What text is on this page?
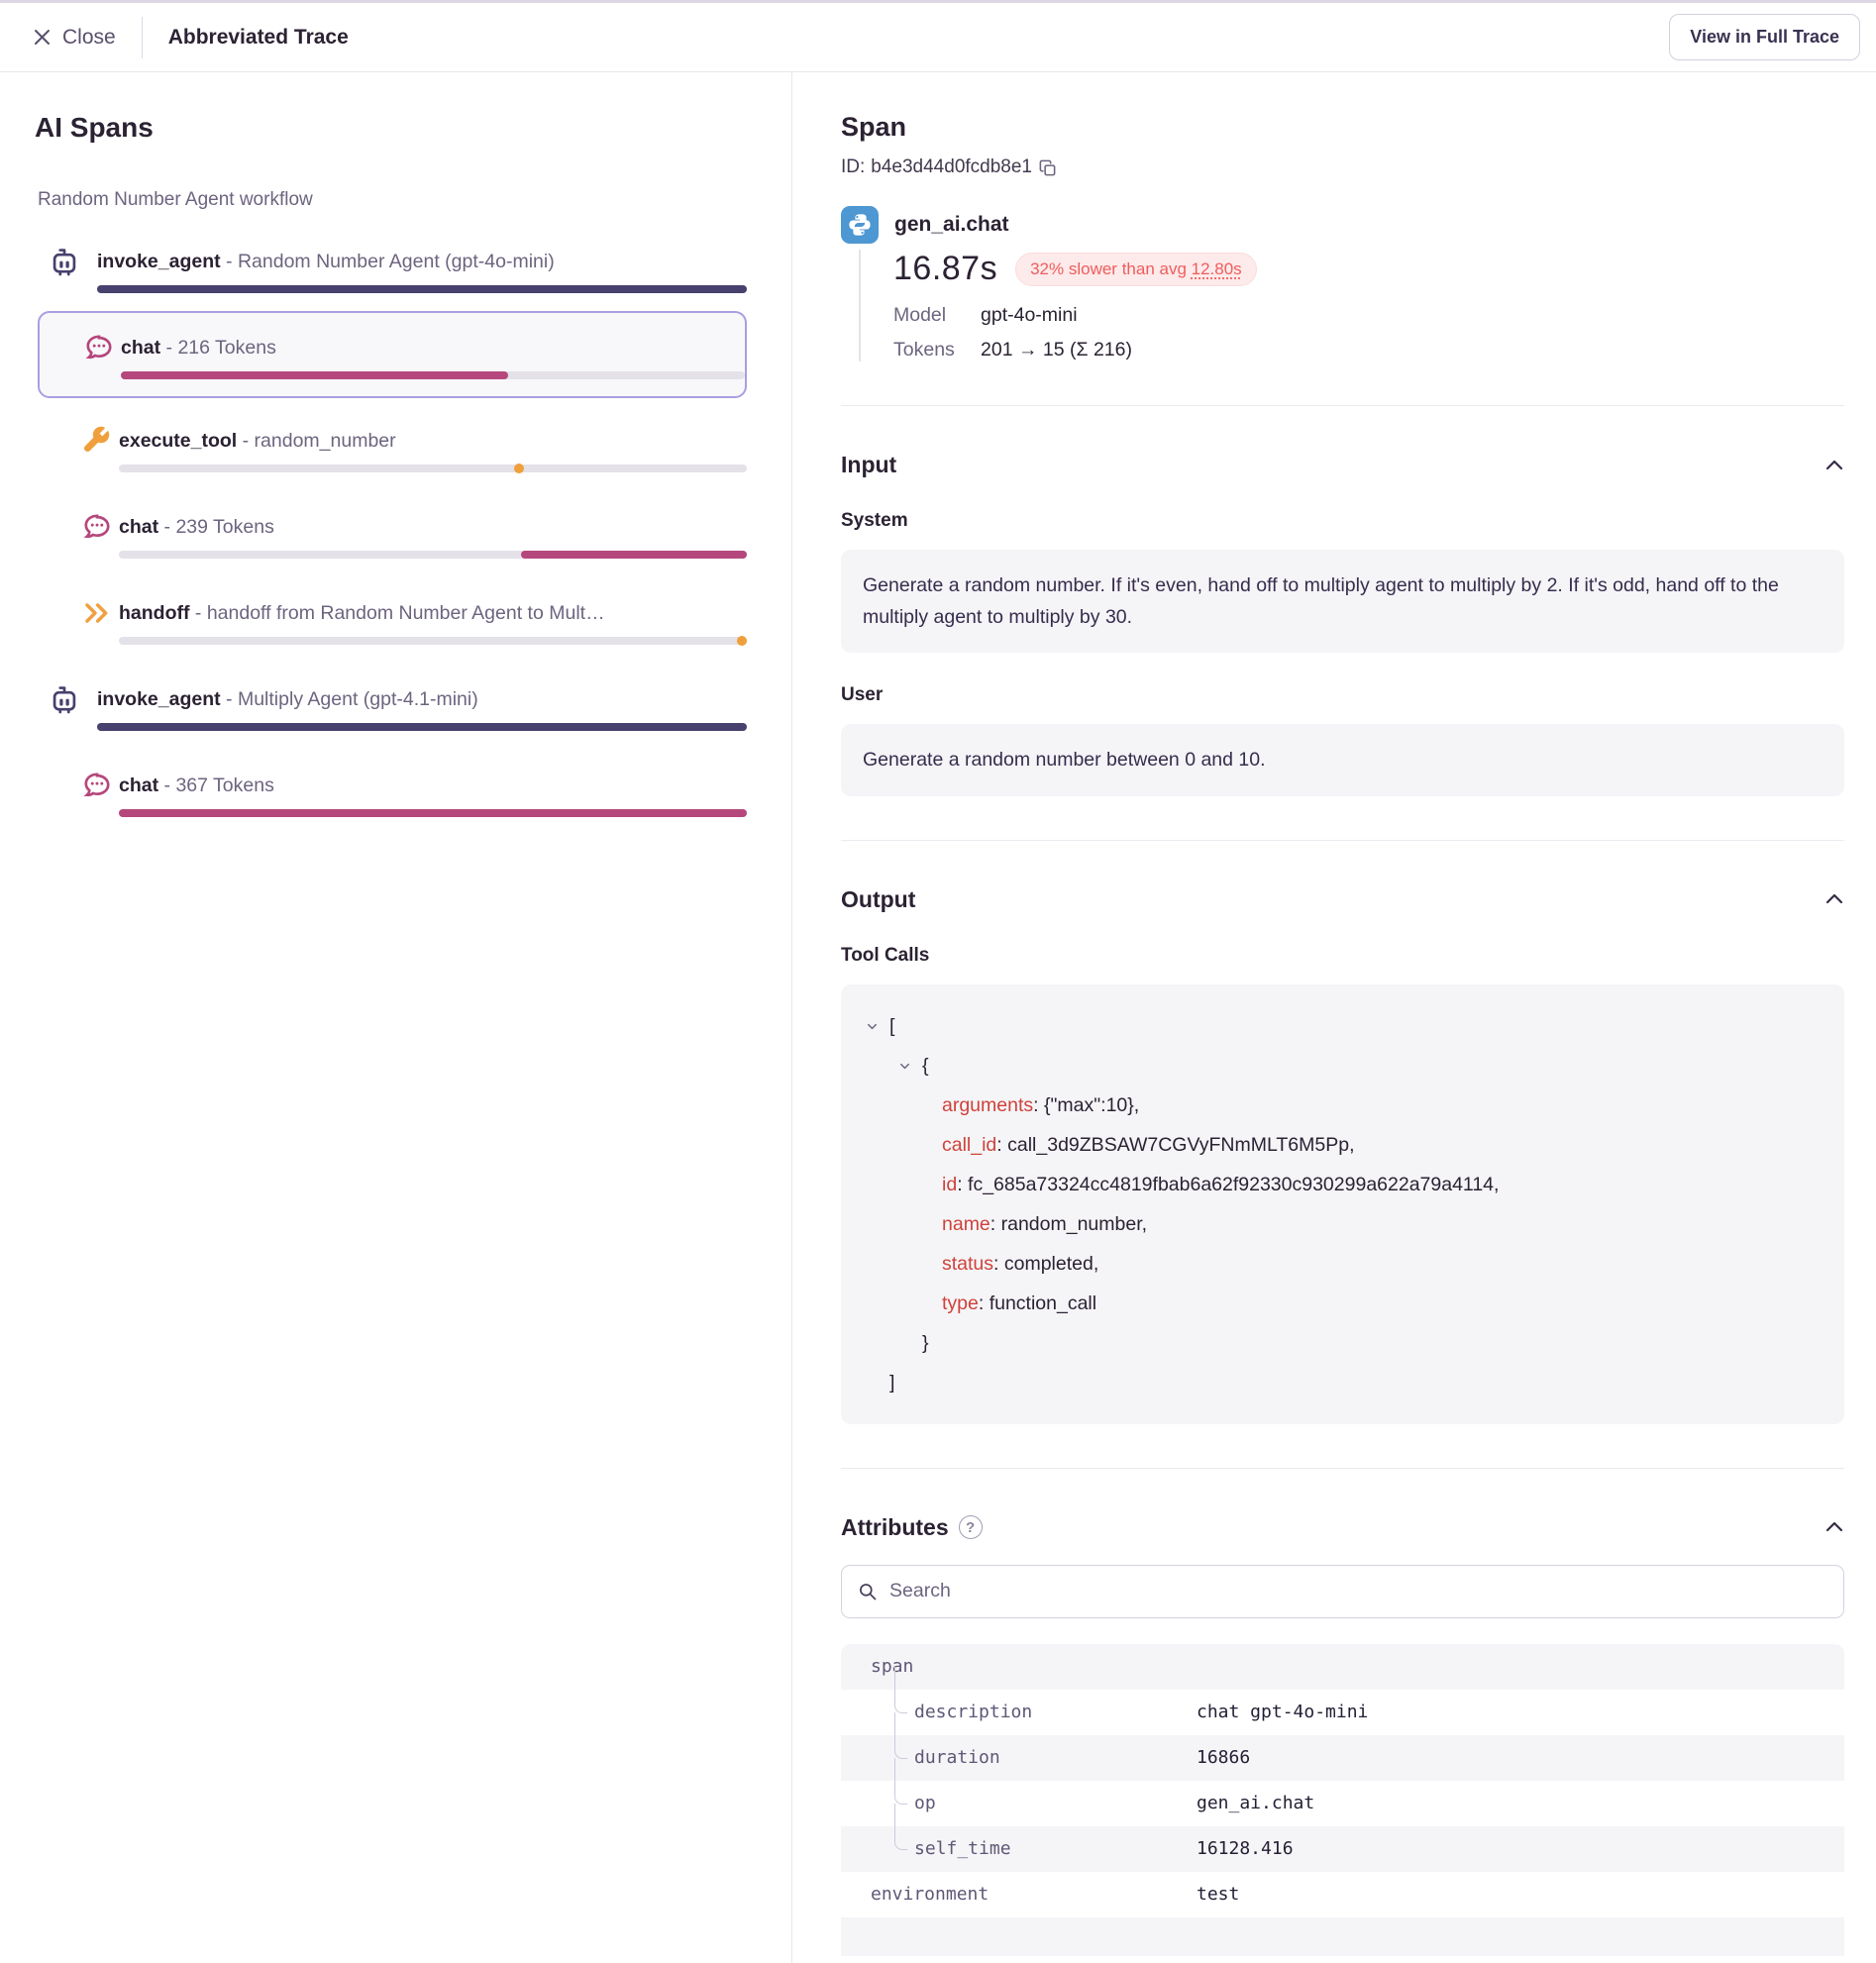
Close	Abbreviated Trace	View in Full Trace
AI Spans
Random Number Agent workflow
invoke_agent - Random Number Agent (gpt-4o-mini)
chat - 216 Tokens
execute_tool - random_number
chat - 239 Tokens
handoff - handoff from Random Number Agent to Mult…
invoke_agent - Multiply Agent (gpt-4.1-mini)
chat - 367 Tokens
Span
ID: b4e3d44d0fcdb8e1
gen_ai.chat
16.87s	32% slower than avg 12.80s
Model gpt-4o-mini
Tokens 201 → 15 (Σ 216)
Input
System
Generate a random number. If it's even, hand off to multiply agent to multiply by 2. If it's odd, hand off to the multiply agent to multiply by 30.
User
Generate a random number between 0 and 10.
Output
Tool Calls
[
{
arguments: {"max":10},
call_id: call_3d9ZBSAW7CGVyFNmMLT6M5Pp,
id: fc_685a73324cc4819fbab6a62f92330c930299a622a79a4114,
name: random_number,
status: completed,
type: function_call
}
]
Attributes	?
Search
span
description	chat gpt-4o-mini
duration	16866
op	gen_ai.chat
self_time	16128.416
environment	test
